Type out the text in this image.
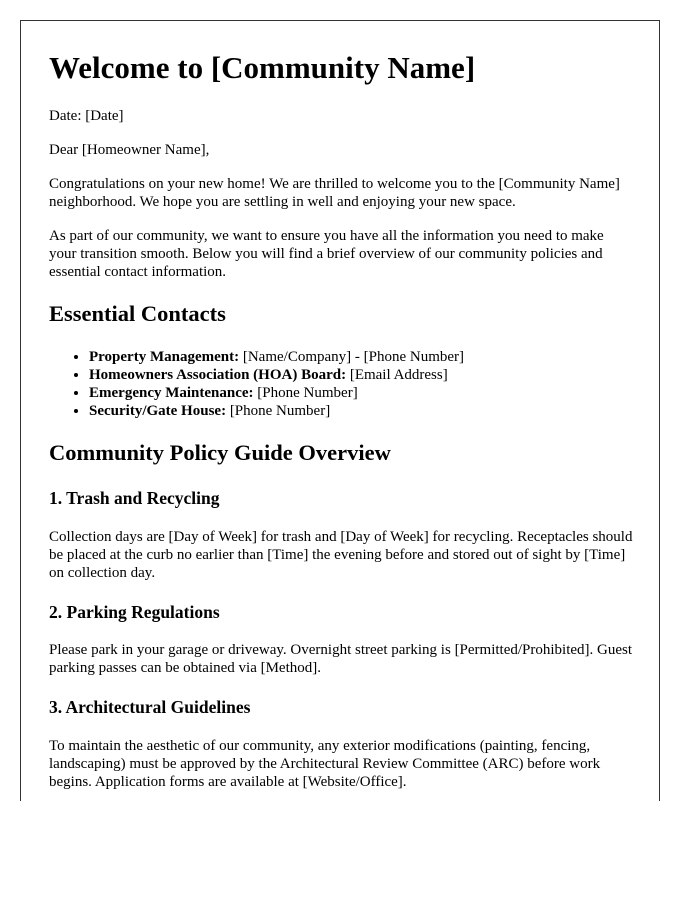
Welcome to [Community Name]

Date: [Date]

Dear [Homeowner Name],

Congratulations on your new home! We are thrilled to welcome you to the [Community Name] neighborhood. We hope you are settling in well and enjoying your new space.

As part of our community, we want to ensure you have all the information you need to make your transition smooth. Below you will find a brief overview of our community policies and essential contact information.

Essential Contacts
• Property Management: [Name/Company] - [Phone Number]
• Homeowners Association (HOA) Board: [Email Address]
• Emergency Maintenance: [Phone Number]
• Security/Gate House: [Phone Number]
Community Policy Guide Overview
1. Trash and Recycling

Collection days are [Day of Week] for trash and [Day of Week] for recycling. Receptacles should be placed at the curb no earlier than [Time] the evening before and stored out of sight by [Time] on collection day.

2. Parking Regulations

Please park in your garage or driveway. Overnight street parking is [Permitted/Prohibited]. Guest parking passes can be obtained via [Method].

3. Architectural Guidelines

To maintain the aesthetic of our community, any exterior modifications (painting, fencing, landscaping) must be approved by the Architectural Review Committee (ARC) before work begins. Application forms are available at [Website/Office].
